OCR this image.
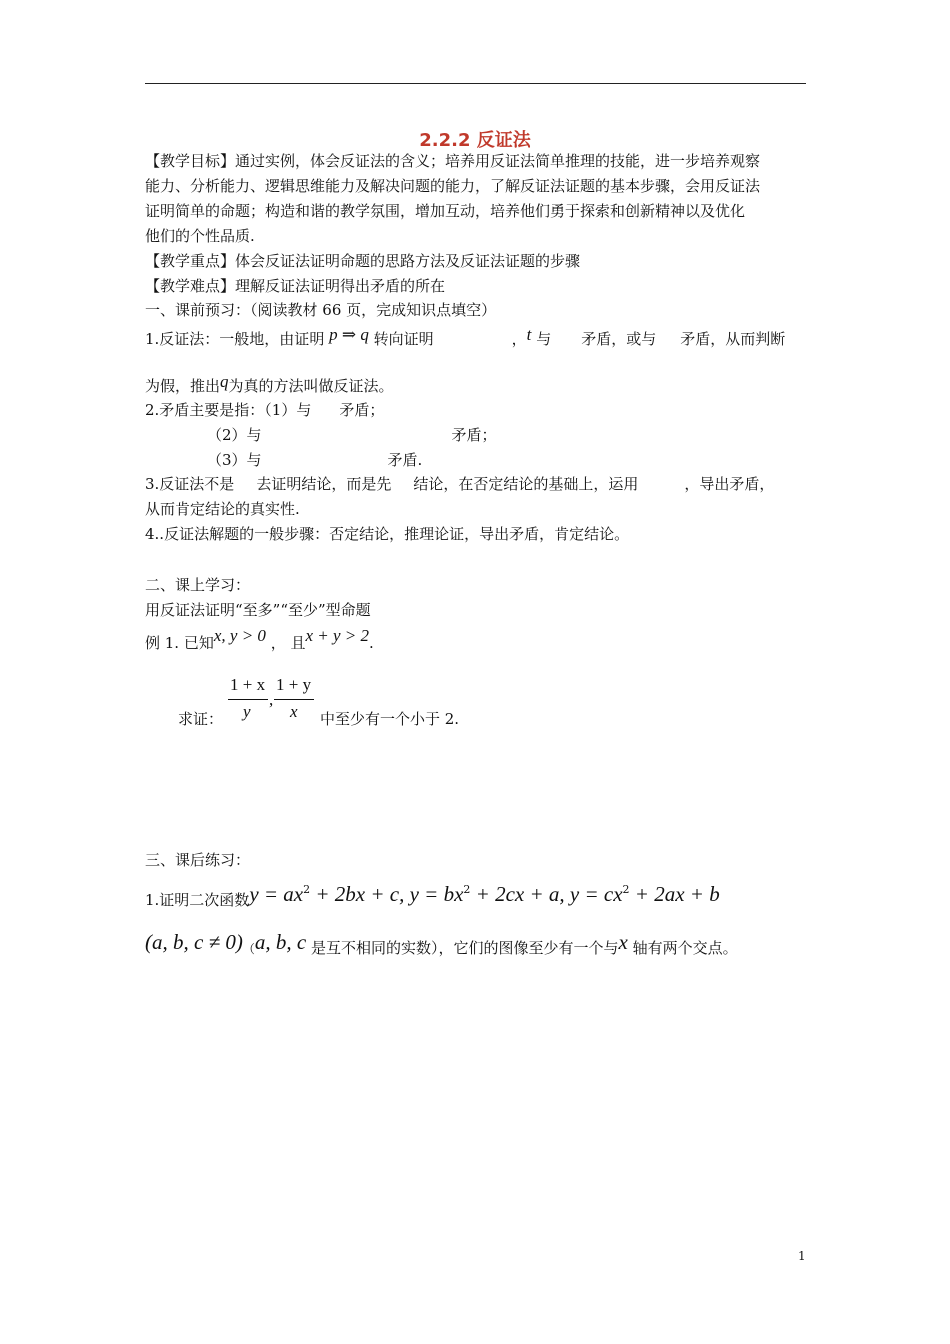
2.2.2 反证法
【教学目标】通过实例，体会反证法的含义；培养用反证法简单推理的技能，进一步培养观察
能力、分析能力、逻辑思维能力及解决问题的能力，了解反证法证题的基本步骤，会用反证法
证明简单的命题；构造和谐的教学氛围，增加互动，培养他们勇于探索和创新精神以及优化
他们的个性品质.
【教学重点】体会反证法证明命题的思路方法及反证法证题的步骤
【教学难点】理解反证法证明得出矛盾的所在
一、课前预习：（阅读教材 66 页，完成知识点填空）
1.反证法：一般地，由证明 p ⇒ q 转向证明	，t 与 矛盾，或与 矛盾，从而判断
为假，推出q为真的方法叫做反证法。
2.矛盾主要是指：（1）与 矛盾；
（2）与	矛盾；
（3）与	矛盾.
3.反证法不是 去证明结论，而是先 结论，在否定结论的基础上，运用	，导出矛盾，
从而肯定结论的真实性.
4..反证法解题的一般步骤：否定结论，推理论证，导出矛盾，肯定结论。
二、课上学习：
用反证法证明“至多”“至少”型命题
例 1. 已知x, y > 0 ， 且x + y > 2.
求证：
1 + x
y
,
1 + y
x 中至少有一个小于 2.
三、课后练习：
1.证明二次函数$y = ax^2 + 2bx + c$, $y = bx^2 + 2cx + a$, $y = cx^2 + 2ax + b$
(a, b, c ≠ 0)（a, b, c 是互不相同的实数），它们的图像至少有一个与x 轴有两个交点。
1
